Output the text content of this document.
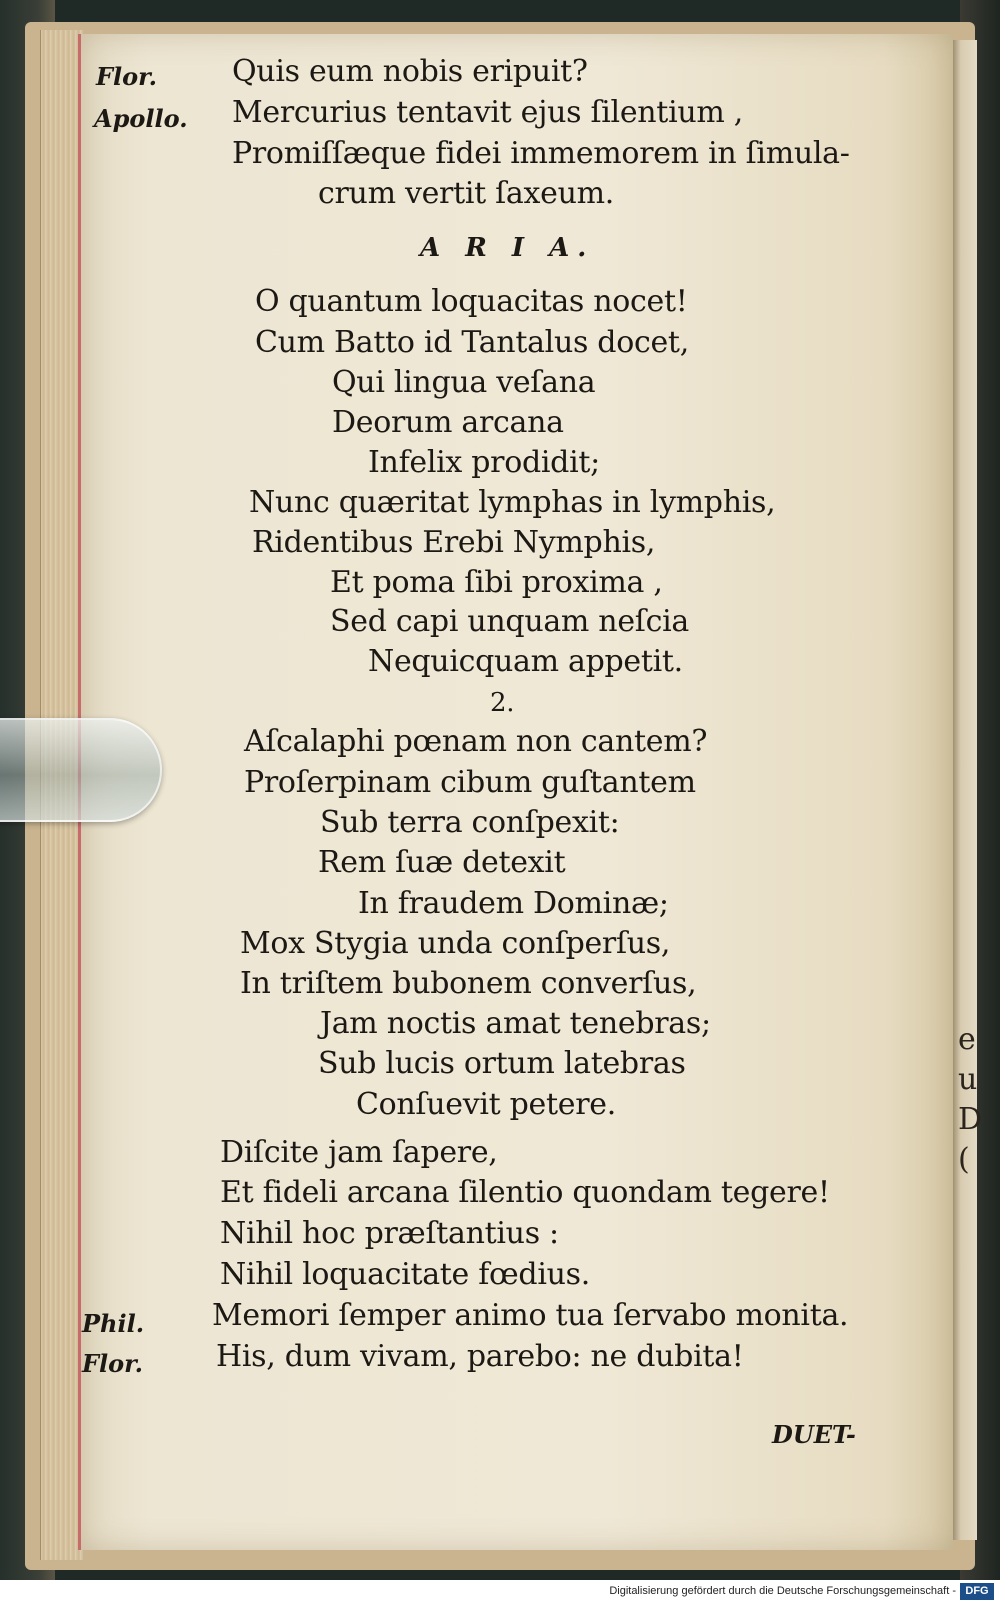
e
u
D
(
Flor.	Quis eum nobis eripuit?
Apollo. Mercurius tentavit ejus ſilentium ,
Promiſſæque fidei immemorem in ſimula-
crum vertit ſaxeum.
A R I A.
O quantum loquacitas nocet!
Cum Batto id Tantalus docet,
Qui lingua veſana
Deorum arcana
Infelix prodidit;
Nunc quæritat lymphas in lymphis,
Ridentibus Erebi Nymphis,
Et poma ſibi proxima ,
Sed capi unquam neſcia
Nequicquam appetit.
2.
Aſcalaphi pœnam non cantem?
Proſerpinam cibum guſtantem
Sub terra conſpexit:
Rem ſuæ detexit
In fraudem Dominæ;
Mox Stygia unda conſperſus,
In triſtem bubonem converſus,
Jam noctis amat tenebras;
Sub lucis ortum latebras
Conſuevit petere.
Diſcite jam ſapere,
Et fideli arcana ſilentio quondam tegere!
Nihil hoc præſtantius :
Nihil loquacitate fœdius.
Phil. Memori ſemper animo tua ſervabo monita.
Flor. His, dum vivam, parebo: ne dubita!
DUET-
Digitalisierung gefördert durch die Deutsche Forschungsgemeinschaft - DFG
